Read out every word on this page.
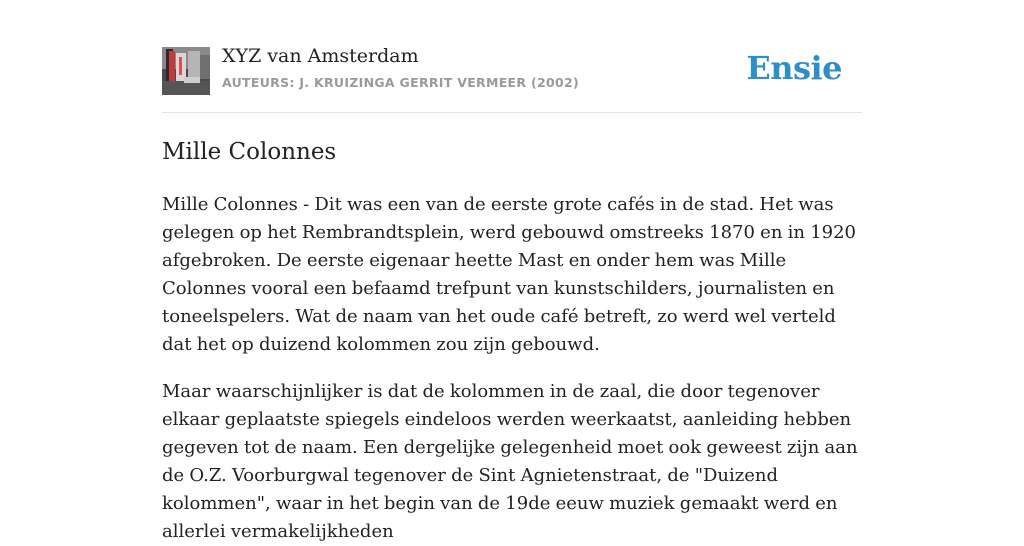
XYZ van Amsterdam
AUTEURS: J. KRUIZINGA GERRIT VERMEER (2002)	Ensie
Mille Colonnes

Mille Colonnes - Dit was een van de eerste grote cafés in de stad. Het was gelegen op het Rembrandtsplein, werd gebouwd omstreeks 1870 en in 1920 afgebroken. De eerste eigenaar heette Mast en onder hem was Mille Colonnes vooral een befaamd trefpunt van kunstschilders, journalisten en toneelspelers. Wat de naam van het oude café betreft, zo werd wel verteld dat het op duizend kolommen zou zijn gebouwd.

Maar waarschijnlijker is dat de kolommen in de zaal, die door tegenover elkaar geplaatste spiegels eindeloos werden weerkaatst, aanleiding hebben gegeven tot de naam. Een dergelijke gelegenheid moet ook geweest zijn aan de O.Z. Voorburgwal tegenover de Sint Agnietenstraat, de "Duizend kolommen", waar in het begin van de 19de eeuw muziek gemaakt werd en allerlei vermakelijkheden
